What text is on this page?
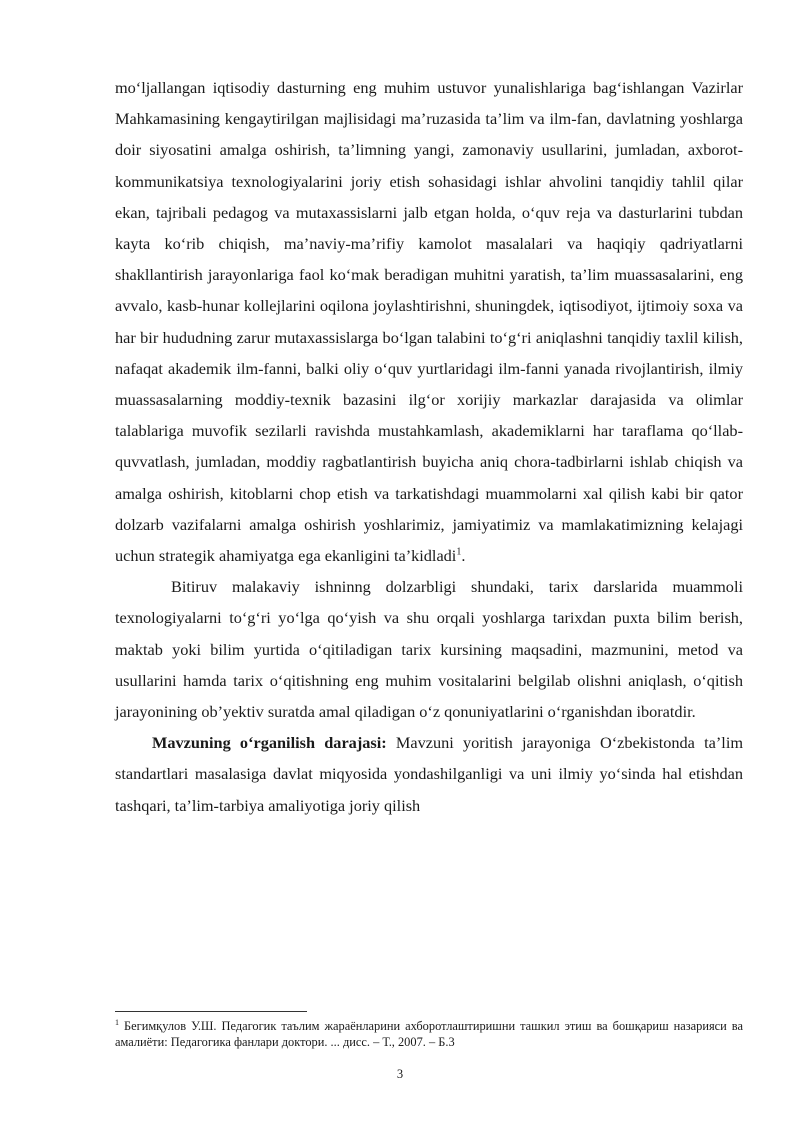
mo‘ljallangan iqtisodiy dasturning eng muhim ustuvor yunalishlariga bag‘ishlangan Vazirlar Mahkamasining kengaytirilgan majlisidagi ma’ruzasida ta’lim va ilm-fan, davlatning yoshlarga doir siyosatini amalga oshirish, ta’limning yangi, zamonaviy usullarini, jumladan, axborot-kommunikatsiya texnologiyalarini joriy etish sohasidagi ishlar ahvolini tanqidiy tahlil qilar ekan, tajribali pedagog va mutaxassislarni jalb etgan holda, o‘quv reja va dasturlarini tubdan kayta ko‘rib chiqish, ma’naviy-ma’rifiy kamolot masalalari va haqiqiy qadriyatlarni shakllantirish jarayonlariga faol ko‘mak beradigan muhitni yaratish, ta’lim muassasalarini, eng avvalo, kasb-hunar kollejlarini oqilona joylashtirishni, shuningdek, iqtisodiyot, ijtimoiy soxa va har bir hududning zarur mutaxassislarga bo‘lgan talabini to‘g‘ri aniqlashni tanqidiy taxlil kilish, nafaqat akademik ilm-fanni, balki oliy o‘quv yurtlaridagi ilm-fanni yanada rivojlantirish, ilmiy muassasalarning moddiy-texnik bazasini ilg‘or xorijiy markazlar darajasida va olimlar talablariga muvofik sezilarli ravishda mustahkamlash, akademiklarni har taraflama qo‘llab-quvvatlash, jumladan, moddiy ragbatlantirish buyicha aniq chora-tadbirlarni ishlab chiqish va amalga oshirish, kitoblarni chop etish va tarkatishdagi muammolarni xal qilish kabi bir qator dolzarb vazifalarni amalga oshirish yoshlarimiz, jamiyatimiz va mamlakatimizning kelajagi uchun strategik ahamiyatga ega ekanligini ta’kidladi$^1$.

Bitiruv malakaviy ishninng dolzarbligi shundaki, tarix darslarida muammoli texnologiyalarni to‘g‘ri yo‘lga qo‘yish va shu orqali yoshlarga tarixdan puxta bilim berish, maktab yoki bilim yurtida o‘qitiladigan tarix kursining maqsadini, mazmunini, metod va usullarini hamda tarix o‘qitishning eng muhim vositalarini belgilab olishni aniqlash, o‘qitish jarayonining ob’yektiv suratda amal qiladigan o‘z qonuniyatlarini o‘rganishdan iboratdir.

Mavzuning o‘rganilish darajasi: Mavzuni yoritish jarayoniga O‘zbekistonda ta’lim standartlari masalasiga davlat miqyosida yondashilganligi va uni ilmiy yo‘sinda hal etishdan tashqari, ta’lim-tarbiya amaliyotiga joriy qilish

$^1$ Бегимқулов У.Ш. Педагогик таълим жараёнларини ахборотлаштиришни ташкил этиш ва бошқариш назарияси ва амалиёти: Педагогика фанлари доктори. ... дисс. – Т., 2007. – Б.3

3
